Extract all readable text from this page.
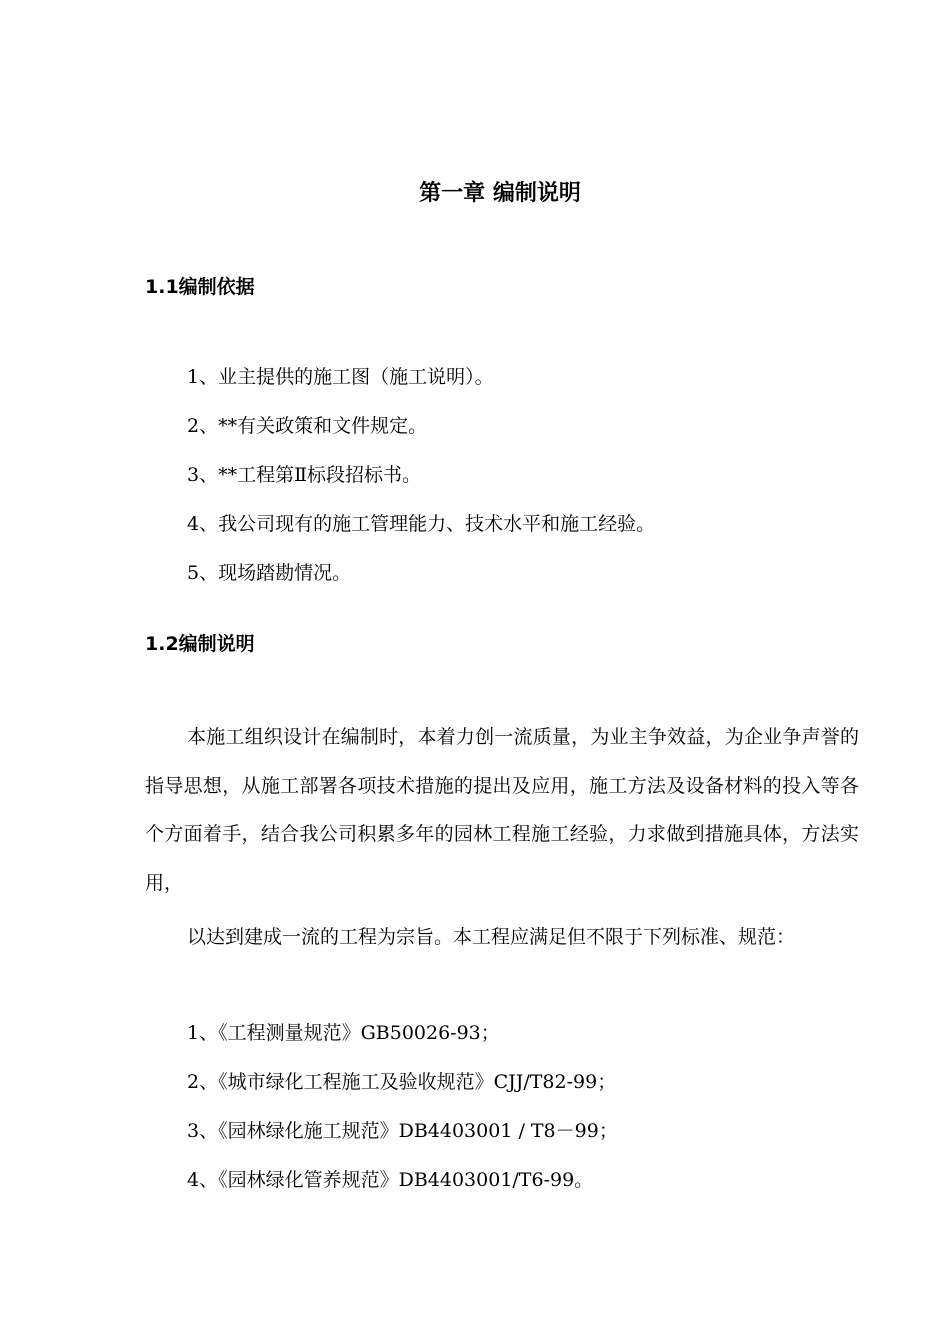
第一章 编制说明
1.1编制依据
1、业主提供的施工图（施工说明）。
2、**有关政策和文件规定。
3、**工程第Ⅱ标段招标书。
4、我公司现有的施工管理能力、技术水平和施工经验。
5、现场踏勘情况。
1.2编制说明

本施工组织设计在编制时，本着力创一流质量，为业主争效益，为企业争声誉的指导思想，从施工部署各项技术措施的提出及应用，施工方法及设备材料的投入等各个方面着手，结合我公司积累多年的园林工程施工经验，力求做到措施具体，方法实用，

以达到建成一流的工程为宗旨。本工程应满足但不限于下列标准、规范：

1、《工程测量规范》GB50026-93；
2、《城市绿化工程施工及验收规范》CJJ/T82-99；
3、《园林绿化施工规范》DB4403001 / T8－99；
4、《园林绿化管养规范》DB4403001/T6-99。
